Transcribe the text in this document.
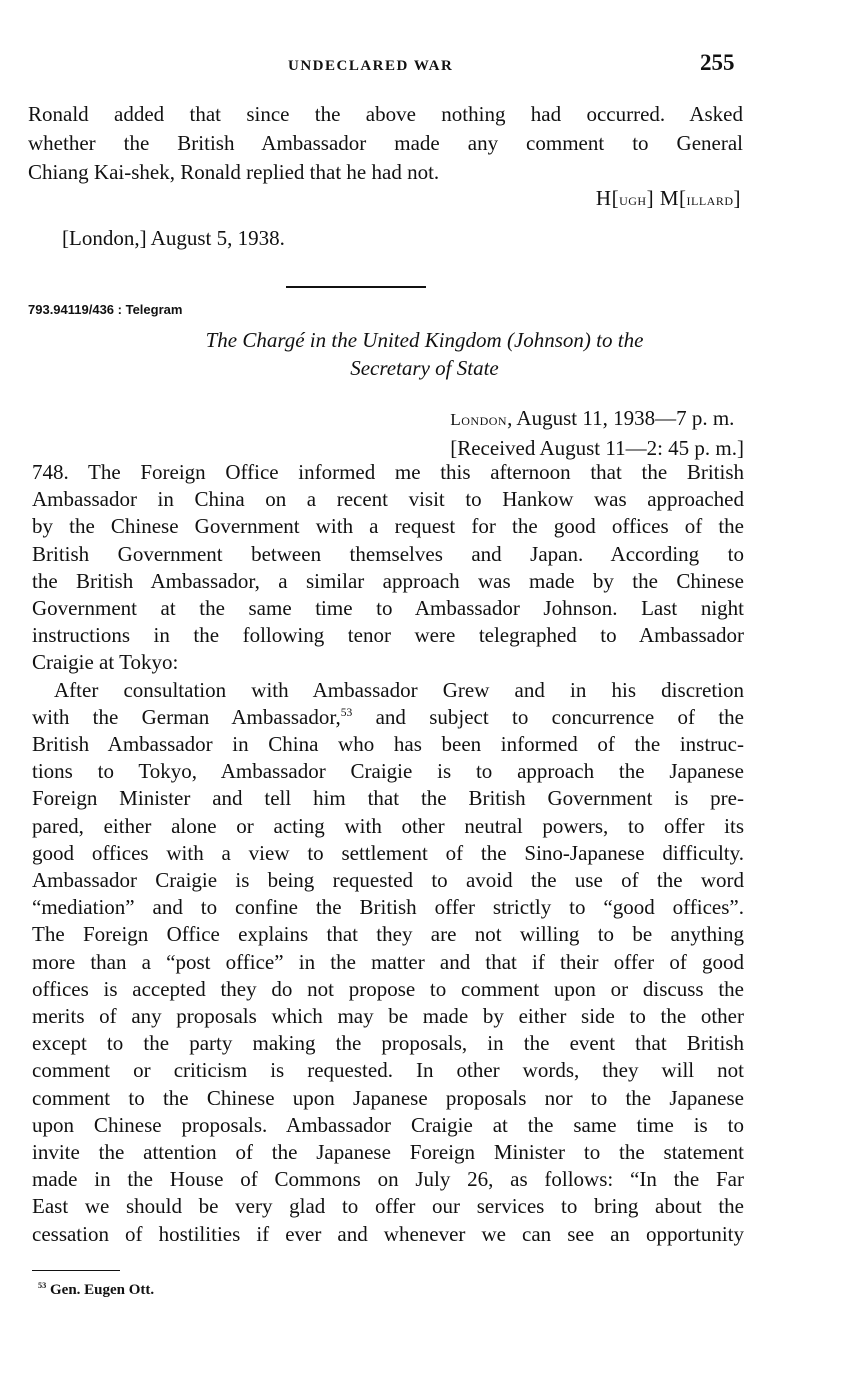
UNDECLARED WAR	255
Ronald added that since the above nothing had occurred. Asked
whether the British Ambassador made any comment to General
Chiang Kai-shek, Ronald replied that he had not.
H[ugh] M[illard]
[London,] August 5, 1938.
793.94119/436 : Telegram
The Chargé in the United Kingdom (Johnson) to the
Secretary of State
London, August 11, 1938—7 p. m.
[Received August 11—2: 45 p. m.]
748. The Foreign Office informed me this afternoon that the British
Ambassador in China on a recent visit to Hankow was approached
by the Chinese Government with a request for the good offices of the
British Government between themselves and Japan. According to
the British Ambassador, a similar approach was made by the Chinese
Government at the same time to Ambassador Johnson. Last night
instructions in the following tenor were telegraphed to Ambassador
Craigie at Tokyo:
After consultation with Ambassador Grew and in his discretion
with the German Ambassador,$^{53}$ and subject to concurrence of the
British Ambassador in China who has been informed of the instruc-
tions to Tokyo, Ambassador Craigie is to approach the Japanese
Foreign Minister and tell him that the British Government is pre-
pared, either alone or acting with other neutral powers, to offer its
good offices with a view to settlement of the Sino-Japanese difficulty.
Ambassador Craigie is being requested to avoid the use of the word
“mediation” and to confine the British offer strictly to “good offices”.
The Foreign Office explains that they are not willing to be anything
more than a “post office” in the matter and that if their offer of good
offices is accepted they do not propose to comment upon or discuss the
merits of any proposals which may be made by either side to the other
except to the party making the proposals, in the event that British
comment or criticism is requested. In other words, they will not
comment to the Chinese upon Japanese proposals nor to the Japanese
upon Chinese proposals. Ambassador Craigie at the same time is to
invite the attention of the Japanese Foreign Minister to the statement
made in the House of Commons on July 26, as follows: “In the Far
East we should be very glad to offer our services to bring about the
cessation of hostilities if ever and whenever we can see an opportunity
$^{53}$ Gen. Eugen Ott.
